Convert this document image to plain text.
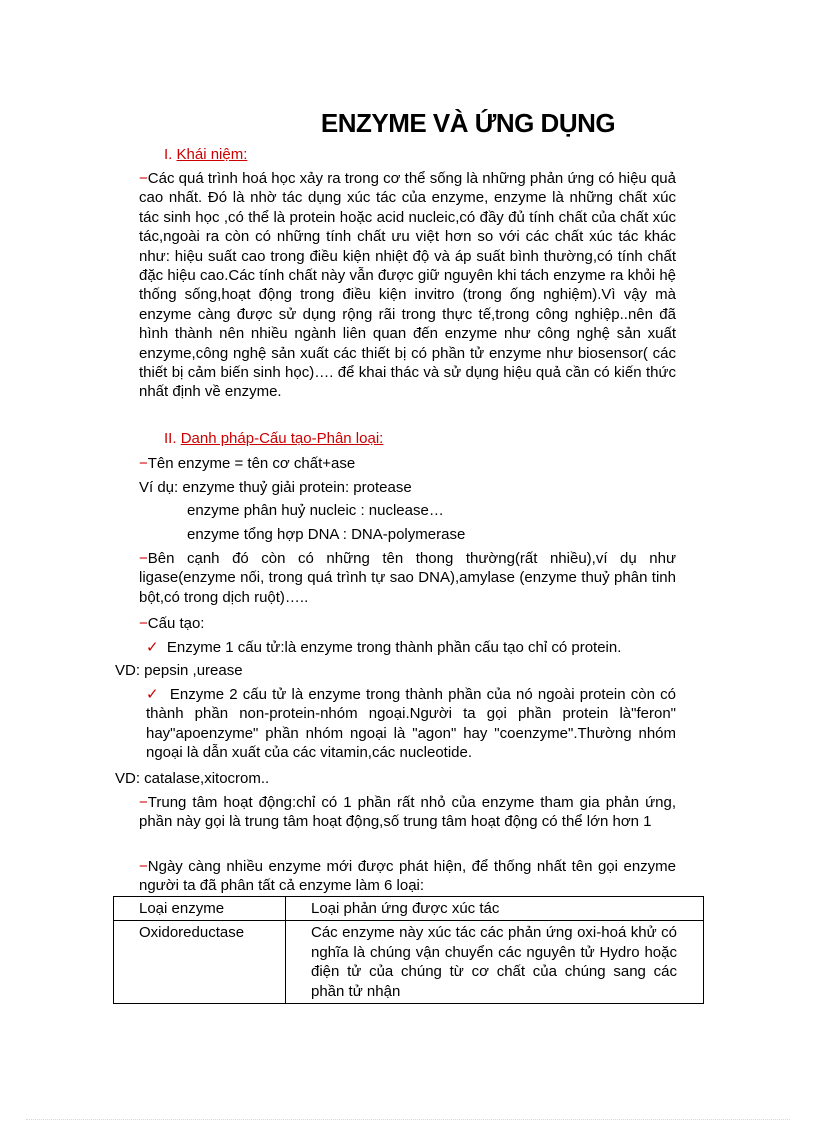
ENZYME VÀ ỨNG DỤNG
I. Khái niệm:
−Các quá trình hoá học xảy ra trong cơ thể sống là những phản ứng có hiệu quả cao nhất. Đó là nhờ tác dụng xúc tác của enzyme, enzyme là những chất xúc tác sinh học ,có thể là protein hoặc acid nucleic,có đầy đủ tính chất của chất xúc tác,ngoài ra còn có những tính chất ưu việt hơn so với các chất xúc tác khác như: hiệu suất cao trong điều kiện nhiệt độ và áp suất bình thường,có tính chất đặc hiệu cao.Các tính chất này vẫn được giữ nguyên khi tách enzyme ra khỏi hệ thống sống,hoạt động trong điều kiện invitro (trong ống nghiệm).Vì vậy mà enzyme càng được sử dụng rộng rãi trong thực tế,trong công nghiệp..nên đã hình thành nên nhiều ngành liên quan đến enzyme như công nghệ sản xuất enzyme,công nghệ sản xuất các thiết bị có phần tử enzyme như biosensor( các thiết bị cảm biến sinh học)…. để khai thác và sử dụng hiệu quả cần có kiến thức nhất định về enzyme.
II. Danh pháp-Cấu tạo-Phân loại:
−Tên enzyme = tên cơ chất+ase
Ví dụ: enzyme thuỷ giải protein: protease
enzyme phân huỷ nucleic : nuclease…
enzyme tổng hợp DNA : DNA-polymerase
−Bên cạnh đó còn có những tên thong thường(rất nhiều),ví dụ như ligase(enzyme nối, trong quá trình tự sao DNA),amylase (enzyme thuỷ phân tinh bột,có trong dịch ruột)…..
−Cấu tạo:
✓ Enzyme 1 cấu tử:là enzyme trong thành phần cấu tạo chỉ có protein.
VD: pepsin ,urease
✓ Enzyme 2 cấu tử là enzyme trong thành phần của nó ngoài protein còn có thành phần non-protein-nhóm ngoại.Người ta gọi phần protein là"feron" hay"apoenzyme" phần nhóm ngoại là "agon" hay "coenzyme".Thường nhóm ngoại là dẫn xuất của các vitamin,các nucleotide.
VD: catalase,xitocrom..
−Trung tâm hoạt động:chỉ có 1 phần rất nhỏ của enzyme tham gia phản ứng, phần này gọi là trung tâm hoạt động,số trung tâm hoạt động có thể lớn hơn 1
−Ngày càng nhiều enzyme mới được phát hiện, để thống nhất tên gọi enzyme người ta đã phân tất cả enzyme làm 6 loại:
Loại enzyme	Loại phản ứng được xúc tác
Oxidoreductase	Các enzyme này xúc tác các phản ứng oxi-hoá khử có nghĩa là chúng vận chuyển các nguyên tử Hydro hoặc điện tử của chúng từ cơ chất của chúng sang các phần tử nhận
